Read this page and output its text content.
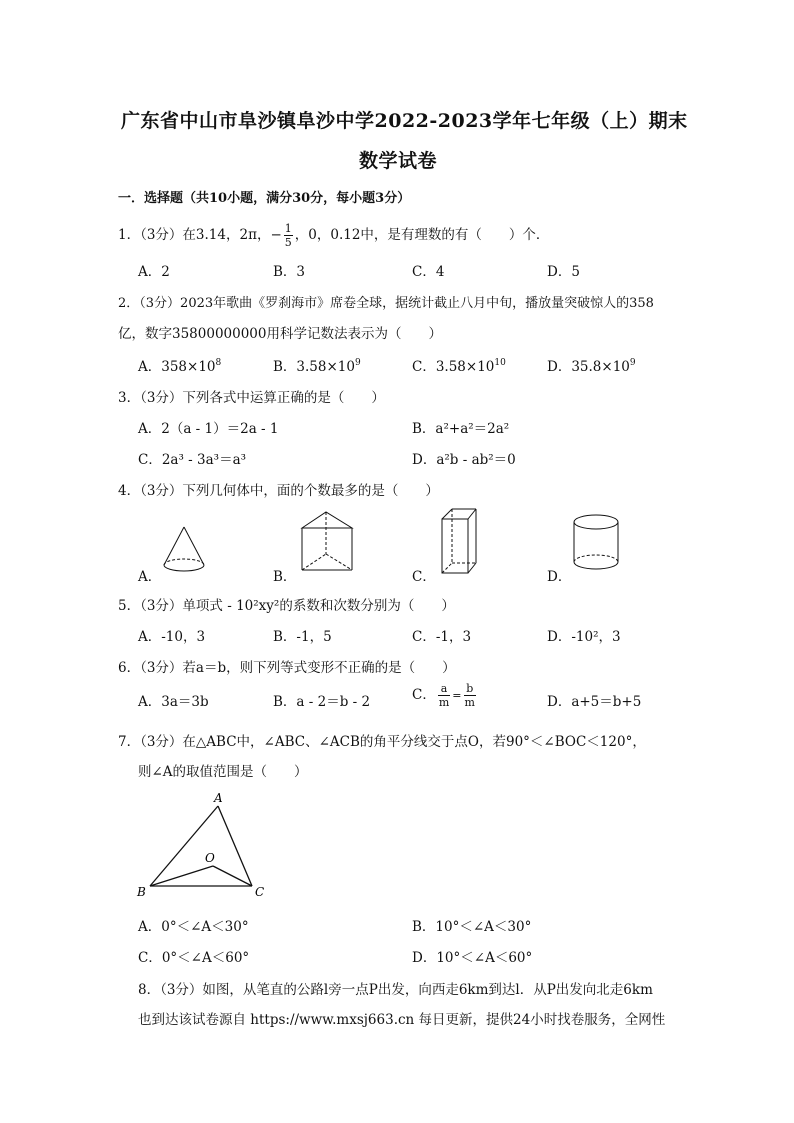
广东省中山市阜沙镇阜沙中学2022-2023学年七年级（上）期末
数学试卷
一．选择题（共10小题，满分30分，每小题3分）
1．（3分）在3.14，2π，− $\frac{1}{5}$ ，0，0.12中，是有理数的有（　　）个．
A．2	B．3	C．4	D．5
2．（3分）2023年歌曲《罗刹海市》席卷全球，据统计截止八月中旬，播放量突破惊人的358
亿，数字35800000000用科学记数法表示为（　　）
A．$358\times 10^8$	B．$3.58\times 10^9$	C．$3.58\times 10^{10}$	D．$35.8\times 10^9$
3．（3分）下列各式中运算正确的是（　　）
A．2（a - 1）＝2a - 1	B．a²+a²＝2a²
C．2a³ - 3a³＝a³	D．a²b - ab²＝0
4．（3分）下列几何体中，面的个数最多的是（　　）
A．	B．	C．	D．
5．（3分）单项式 - 10²xy²的系数和次数分别为（　　）
A．-10，3	B．-1，5	C．-1，3	D．-10²，3
6．（3分）若a＝b，则下列等式变形不正确的是（　　）
A．3a＝3b	B．a - 2＝b - 2	C． $\frac{a}{m} = \frac{b}{m}$	D．a+5＝b+5
7．（3分）在△ABC中，∠ABC、∠ACB的角平分线交于点O，若90°＜∠BOC＜120°，
则∠A的取值范围是（　　）
A
B	C
O
A．0°＜∠A＜30°	B．10°＜∠A＜30°
C．0°＜∠A＜60°	D．10°＜∠A＜60°
8．（3分）如图，从笔直的公路l旁一点P出发，向西走6km到达l．从P出发向北走6km
也到达该试卷源自 https://www.mxsj663.cn 每日更新，提供24小时找卷服务，全网性
